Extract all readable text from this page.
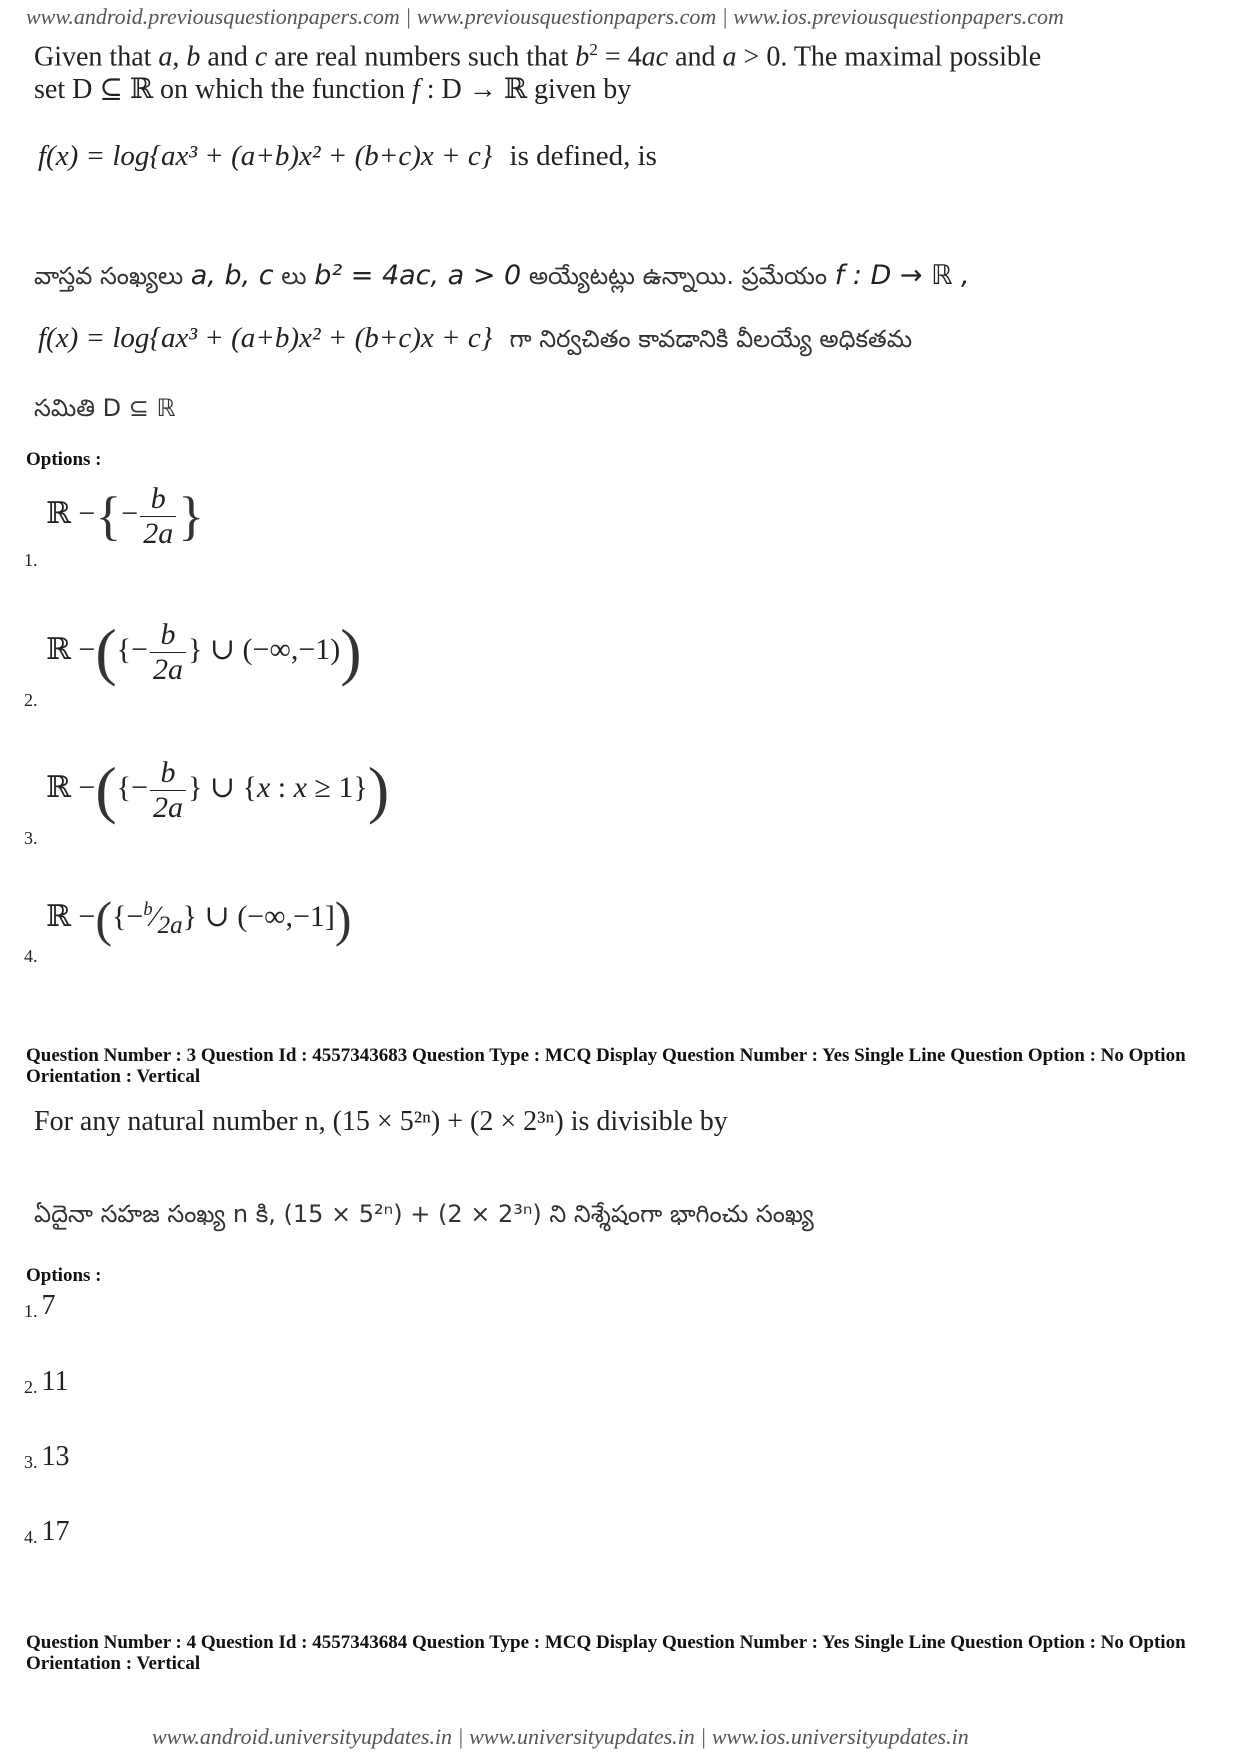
www.android.previousquestionpapers.com | www.previousquestionpapers.com | www.ios.previousquestionpapers.com
Given that a, b and c are real numbers such that $b^2 = 4ac$ and a > 0. The maximal possible
set D ⊆ ℝ on which the function f : D → ℝ given by
f(x) = log{ax³ + (a+b)x² + (b+c)x + c} is defined, is
వాస్తవ సంఖ్యలు a, b, c లు b² = 4ac, a > 0 అయ్యేటట్లు ఉన్నాయి. ప్రమేయం f : D → ℝ ,
f(x) = log{ax³ + (a+b)x² + (b+c)x + c} గా నిర్వచితం కావడానికి వీలయ్యే అధికతమ
సమితి D ⊆ ℝ
Options :
ℝ −{− $\frac{b}{2a}$ }
1.
ℝ −({− $\frac{b}{2a}$ } ∪ (−∞,−1))
2.
ℝ −({− $\frac{b}{2a}$ } ∪ {x : x ≥ 1})
3.
ℝ $-(\{-^b⁄_{2a}\}$ ∪ (−∞,−1])
4.
Question Number : 3 Question Id : 4557343683 Question Type : MCQ Display Question Number : Yes Single Line Question Option : No Option Orientation : Vertical
For any natural number n, (15 × 5²ⁿ) + (2 × 2³ⁿ) is divisible by
ఏదైనా సహజ సంఖ్య n కి, (15 × 5²ⁿ) + (2 × 2³ⁿ) ని నిశ్శేషంగా భాగించు సంఖ్య
Options :
1. 7
2. 11
3. 13
4. 17
Question Number : 4 Question Id : 4557343684 Question Type : MCQ Display Question Number : Yes Single Line Question Option : No Option Orientation : Vertical
www.android.universityupdates.in | www.universityupdates.in | www.ios.universityupdates.in
